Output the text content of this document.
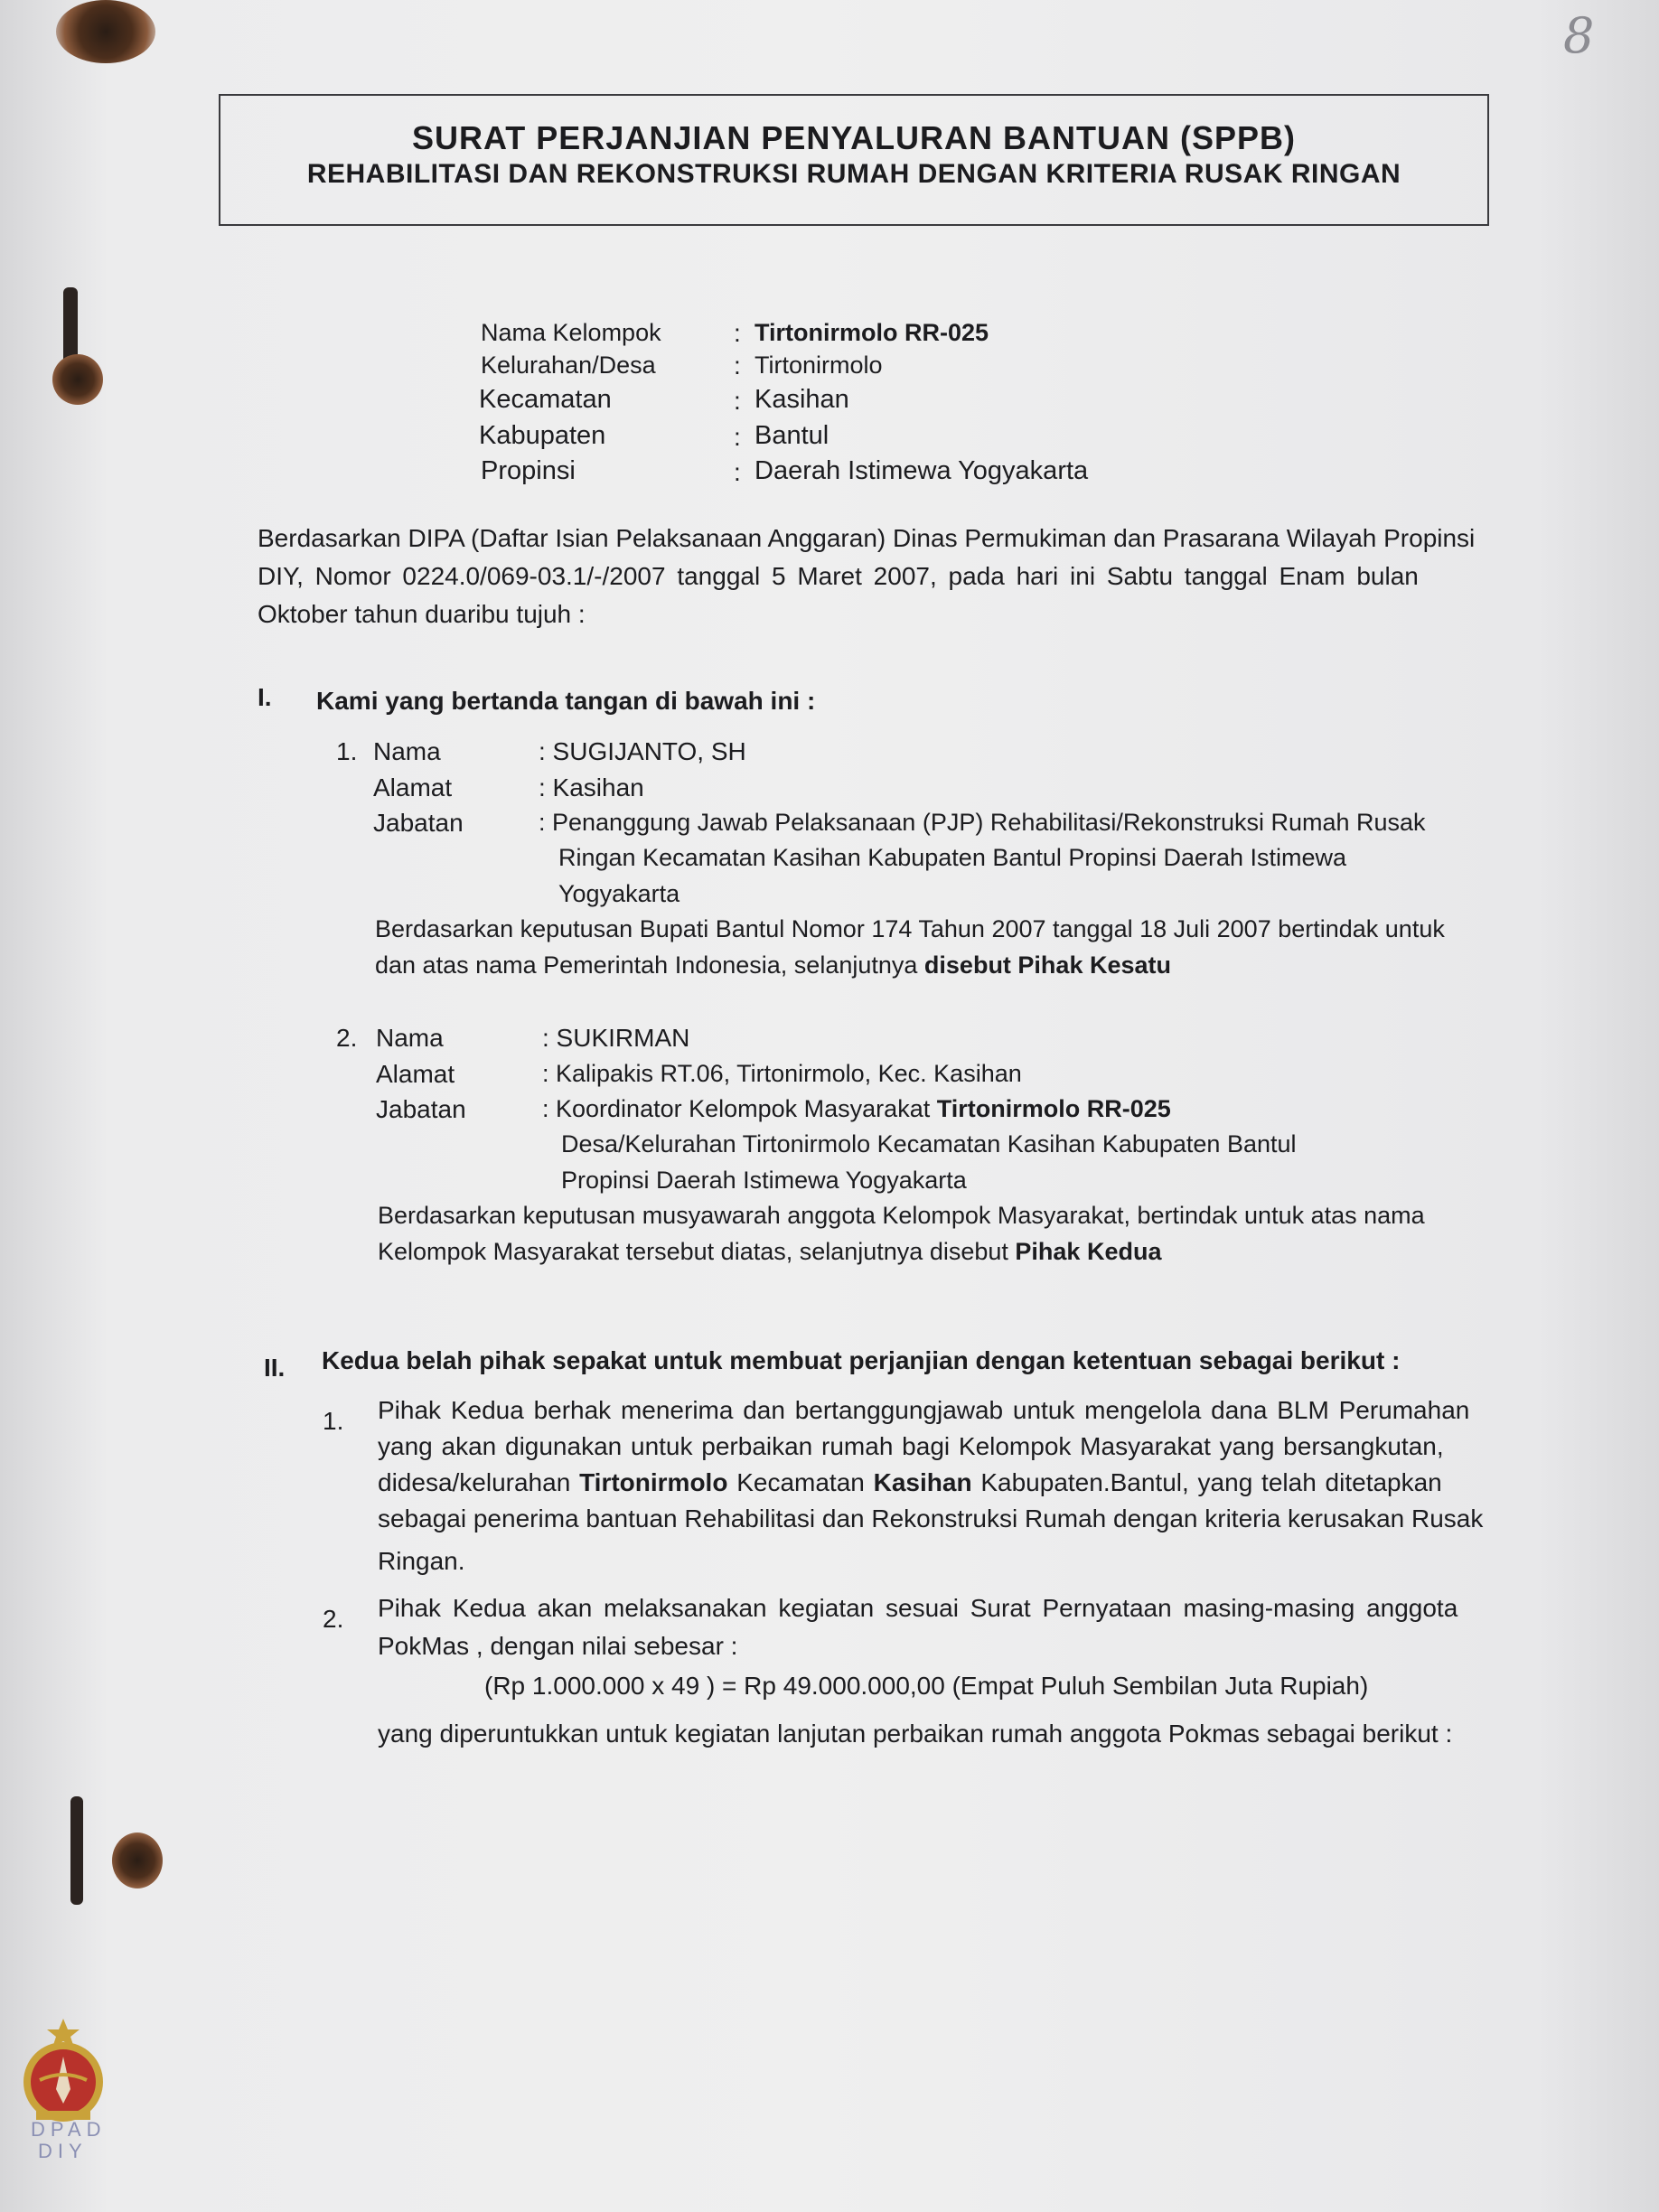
8
SURAT PERJANJIAN PENYALURAN BANTUAN (SPPB)
REHABILITASI DAN REKONSTRUKSI RUMAH DENGAN KRITERIA RUSAK RINGAN
Nama Kelompok	: Tirtonirmolo RR-025
Kelurahan/Desa	: Tirtonirmolo
Kecamatan	: Kasihan
Kabupaten	: Bantul
Propinsi	: Daerah Istimewa Yogyakarta
Berdasarkan DIPA (Daftar Isian Pelaksanaan Anggaran) Dinas Permukiman dan Prasarana Wilayah Propinsi
DIY, Nomor 0224.0/069-03.1/-/2007 tanggal 5 Maret 2007, pada hari ini Sabtu tanggal Enam bulan
Oktober tahun duaribu tujuh :
I. Kami yang bertanda tangan di bawah ini :
1. Nama	: SUGIJANTO, SH
Alamat	: Kasihan
Jabatan	: Penanggung Jawab Pelaksanaan (PJP) Rehabilitasi/Rekonstruksi Rumah Rusak
Ringan Kecamatan Kasihan Kabupaten Bantul Propinsi Daerah Istimewa
Yogyakarta
Berdasarkan keputusan Bupati Bantul Nomor 174 Tahun 2007 tanggal 18 Juli 2007 bertindak untuk
dan atas nama Pemerintah Indonesia, selanjutnya disebut Pihak Kesatu
2. Nama	: SUKIRMAN
Alamat	: Kalipakis RT.06, Tirtonirmolo, Kec. Kasihan
Jabatan	: Koordinator Kelompok Masyarakat Tirtonirmolo RR-025
Desa/Kelurahan Tirtonirmolo Kecamatan Kasihan Kabupaten Bantul
Propinsi Daerah Istimewa Yogyakarta
Berdasarkan keputusan musyawarah anggota Kelompok Masyarakat, bertindak untuk atas nama
Kelompok Masyarakat tersebut diatas, selanjutnya disebut Pihak Kedua
II. Kedua belah pihak sepakat untuk membuat perjanjian dengan ketentuan sebagai berikut :
1. Pihak Kedua berhak menerima dan bertanggungjawab untuk mengelola dana BLM Perumahan
yang akan digunakan untuk perbaikan rumah bagi Kelompok Masyarakat yang bersangkutan,
didesa/kelurahan Tirtonirmolo Kecamatan Kasihan Kabupaten.Bantul, yang telah ditetapkan
sebagai penerima bantuan Rehabilitasi dan Rekonstruksi Rumah dengan kriteria kerusakan Rusak
Ringan.
2. Pihak Kedua akan melaksanakan kegiatan sesuai Surat Pernyataan masing-masing anggota
PokMas , dengan nilai sebesar :
(Rp 1.000.000 x 49 ) = Rp 49.000.000,00 (Empat Puluh Sembilan Juta Rupiah)
yang diperuntukkan untuk kegiatan lanjutan perbaikan rumah anggota Pokmas sebagai berikut :
DPAD
DIY
